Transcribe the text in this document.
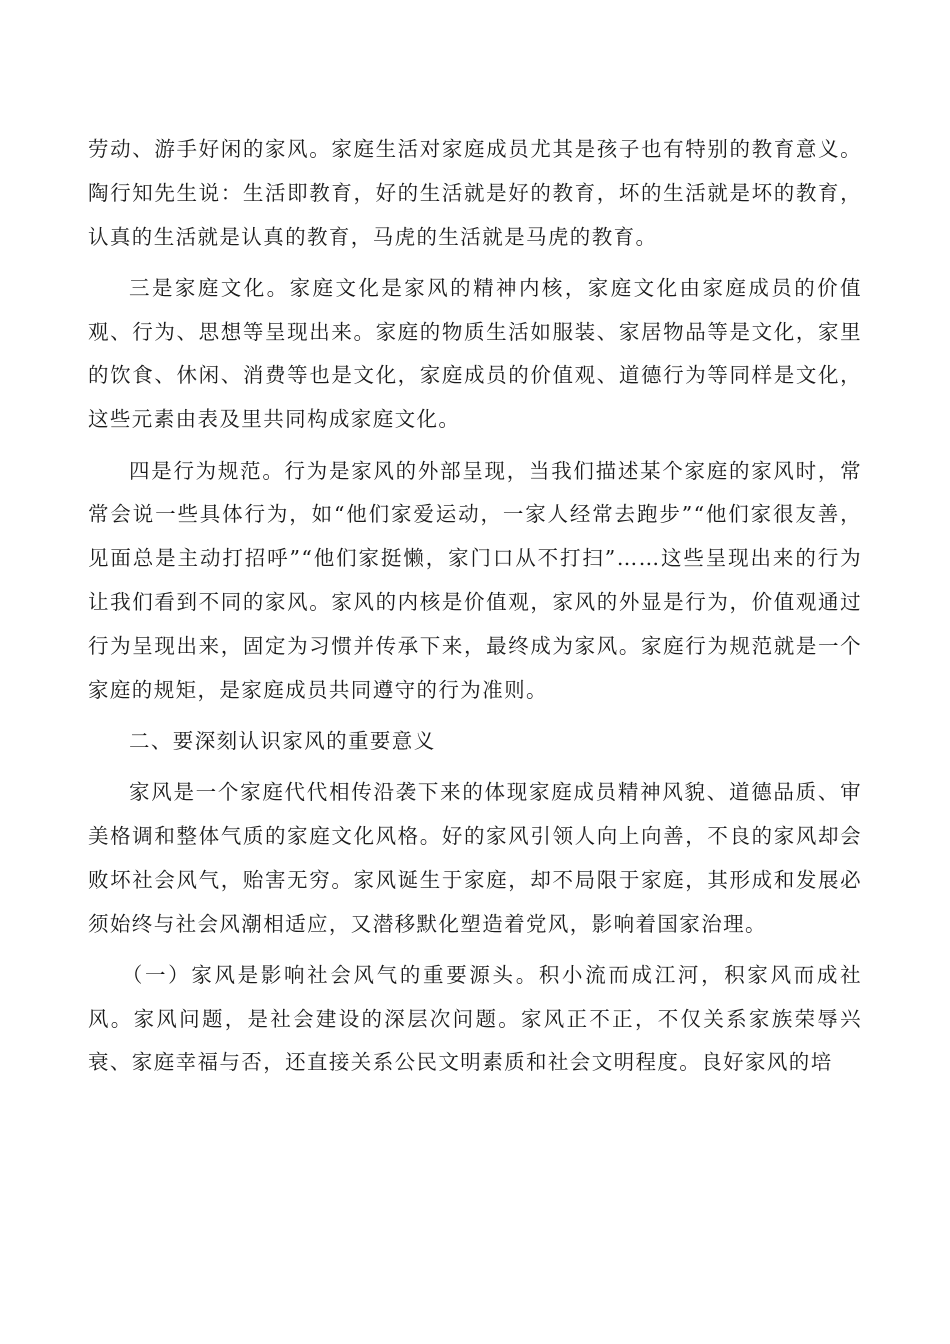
劳动、游手好闲的家风。家庭生活对家庭成员尤其是孩子也有特别的教育意义。陶行知先生说：生活即教育，好的生活就是好的教育，坏的生活就是坏的教育，认真的生活就是认真的教育，马虎的生活就是马虎的教育。

三是家庭文化。家庭文化是家风的精神内核，家庭文化由家庭成员的价值观、行为、思想等呈现出来。家庭的物质生活如服装、家居物品等是文化，家里的饮食、休闲、消费等也是文化，家庭成员的价值观、道德行为等同样是文化，这些元素由表及里共同构成家庭文化。

四是行为规范。行为是家风的外部呈现，当我们描述某个家庭的家风时，常常会说一些具体行为，如“他们家爱运动，一家人经常去跑步”“他们家很友善，见面总是主动打招呼”“他们家挺懒，家门口从不打扫”……这些呈现出来的行为让我们看到不同的家风。家风的内核是价值观，家风的外显是行为，价值观通过行为呈现出来，固定为习惯并传承下来，最终成为家风。家庭行为规范就是一个家庭的规矩，是家庭成员共同遵守的行为准则。

二、要深刻认识家风的重要意义

家风是一个家庭代代相传沿袭下来的体现家庭成员精神风貌、道德品质、审美格调和整体气质的家庭文化风格。好的家风引领人向上向善，不良的家风却会败坏社会风气，贻害无穷。家风诞生于家庭，却不局限于家庭，其形成和发展必须始终与社会风潮相适应，又潜移默化塑造着党风，影响着国家治理。

（一）家风是影响社会风气的重要源头。积小流而成江河，积家风而成社风。家风问题，是社会建设的深层次问题。家风正不正，不仅关系家族荣辱兴衰、家庭幸福与否，还直接关系公民文明素质和社会文明程度。良好家风的培
